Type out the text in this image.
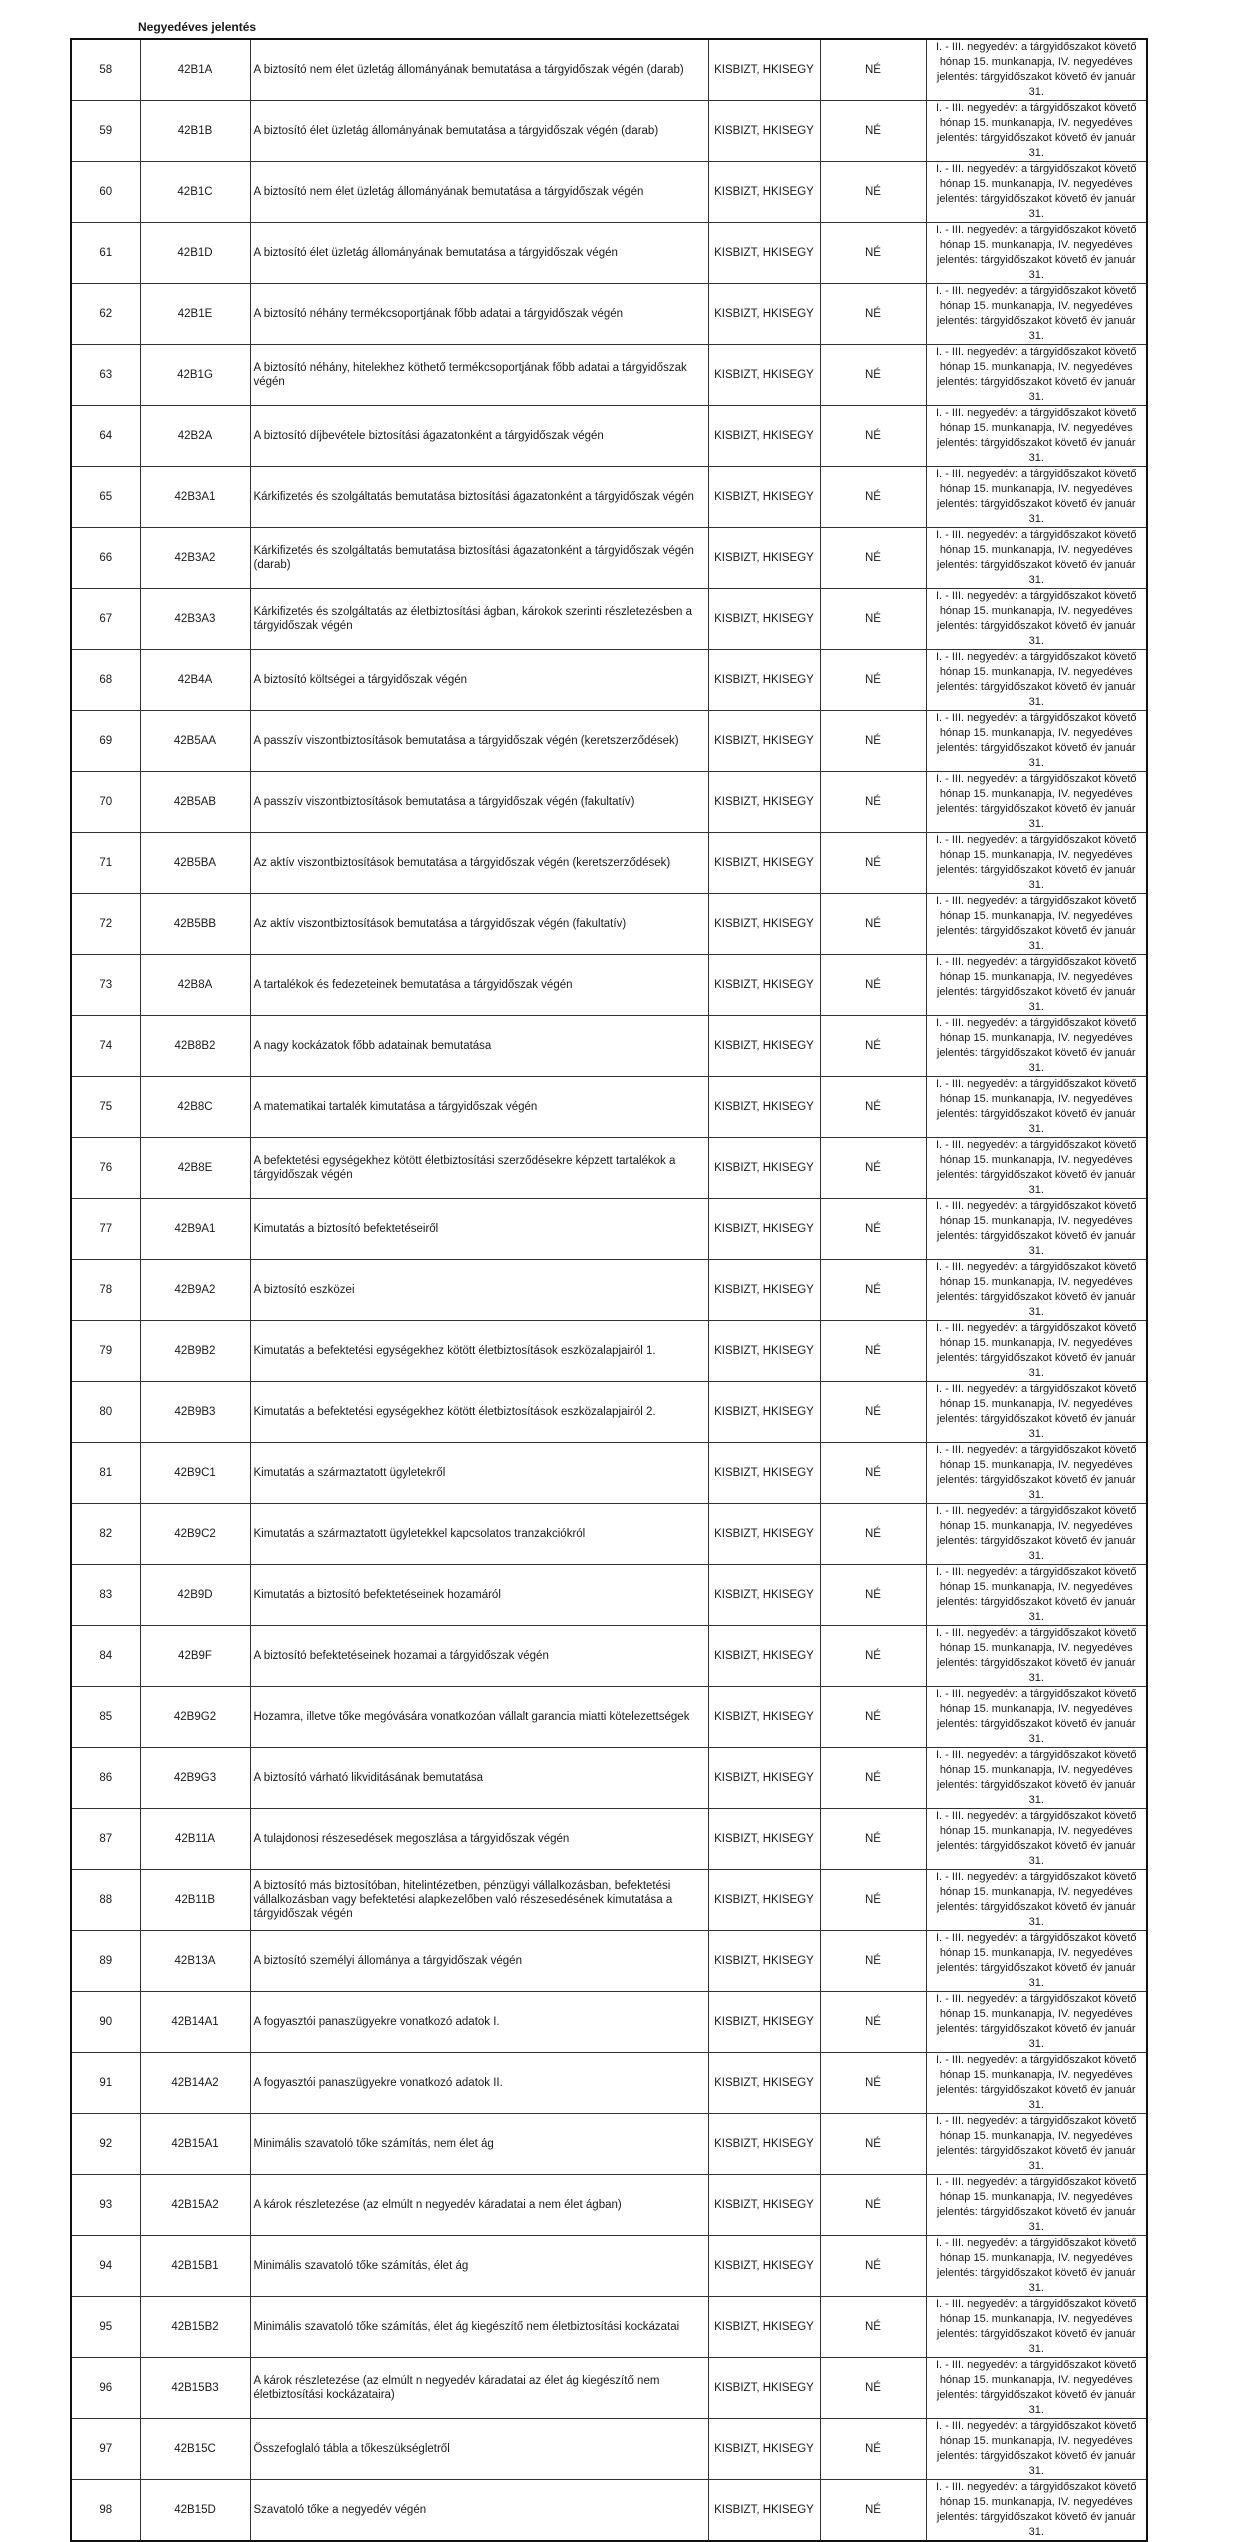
Negyedéves jelentés
58	42B1A	A biztosító nem élet üzletág állományának bemutatása a tárgyidőszak végén (darab)	KISBIZT, HKISEGY	NÉ	I. - III. negyedév: a tárgyidőszakot követő hónap 15. munkanapja, IV. negyedéves jelentés: tárgyidőszakot követő év január 31.
59	42B1B	A biztosító élet üzletág állományának bemutatása a tárgyidőszak végén (darab)	KISBIZT, HKISEGY	NÉ	I. - III. negyedév: a tárgyidőszakot követő hónap 15. munkanapja, IV. negyedéves jelentés: tárgyidőszakot követő év január 31.
60	42B1C	A biztosító nem élet üzletág állományának bemutatása a tárgyidőszak végén	KISBIZT, HKISEGY	NÉ	I. - III. negyedév: a tárgyidőszakot követő hónap 15. munkanapja, IV. negyedéves jelentés: tárgyidőszakot követő év január 31.
61	42B1D	A biztosító élet üzletág állományának bemutatása a tárgyidőszak végén	KISBIZT, HKISEGY	NÉ	I. - III. negyedév: a tárgyidőszakot követő hónap 15. munkanapja, IV. negyedéves jelentés: tárgyidőszakot követő év január 31.
62	42B1E	A biztosító néhány termékcsoportjának főbb adatai a tárgyidőszak végén	KISBIZT, HKISEGY	NÉ	I. - III. negyedév: a tárgyidőszakot követő hónap 15. munkanapja, IV. negyedéves jelentés: tárgyidőszakot követő év január 31.
63	42B1G	A biztosító néhány, hitelekhez köthető termékcsoportjának főbb adatai a tárgyidőszak végén	KISBIZT, HKISEGY	NÉ	I. - III. negyedév: a tárgyidőszakot követő hónap 15. munkanapja, IV. negyedéves jelentés: tárgyidőszakot követő év január 31.
64	42B2A	A biztosító díjbevétele biztosítási ágazatonként a tárgyidőszak végén	KISBIZT, HKISEGY	NÉ	I. - III. negyedév: a tárgyidőszakot követő hónap 15. munkanapja, IV. negyedéves jelentés: tárgyidőszakot követő év január 31.
65	42B3A1	Kárkifizetés és szolgáltatás bemutatása biztosítási ágazatonként a tárgyidőszak végén	KISBIZT, HKISEGY	NÉ	I. - III. negyedév: a tárgyidőszakot követő hónap 15. munkanapja, IV. negyedéves jelentés: tárgyidőszakot követő év január 31.
66	42B3A2	Kárkifizetés és szolgáltatás bemutatása biztosítási ágazatonként a tárgyidőszak végén (darab)	KISBIZT, HKISEGY	NÉ	I. - III. negyedév: a tárgyidőszakot követő hónap 15. munkanapja, IV. negyedéves jelentés: tárgyidőszakot követő év január 31.
67	42B3A3	Kárkifizetés és szolgáltatás az életbiztosítási ágban, károkok szerinti részletezésben a tárgyidőszak végén	KISBIZT, HKISEGY	NÉ	I. - III. negyedév: a tárgyidőszakot követő hónap 15. munkanapja, IV. negyedéves jelentés: tárgyidőszakot követő év január 31.
68	42B4A	A biztosító költségei a tárgyidőszak végén	KISBIZT, HKISEGY	NÉ	I. - III. negyedév: a tárgyidőszakot követő hónap 15. munkanapja, IV. negyedéves jelentés: tárgyidőszakot követő év január 31.
69	42B5AA	A passzív viszontbiztosítások bemutatása a tárgyidőszak végén (keretszerződések)	KISBIZT, HKISEGY	NÉ	I. - III. negyedév: a tárgyidőszakot követő hónap 15. munkanapja, IV. negyedéves jelentés: tárgyidőszakot követő év január 31.
70	42B5AB	A passzív viszontbiztosítások bemutatása a tárgyidőszak végén (fakultatív)	KISBIZT, HKISEGY	NÉ	I. - III. negyedév: a tárgyidőszakot követő hónap 15. munkanapja, IV. negyedéves jelentés: tárgyidőszakot követő év január 31.
71	42B5BA	Az aktív viszontbiztosítások bemutatása a tárgyidőszak végén (keretszerződések)	KISBIZT, HKISEGY	NÉ	I. - III. negyedév: a tárgyidőszakot követő hónap 15. munkanapja, IV. negyedéves jelentés: tárgyidőszakot követő év január 31.
72	42B5BB	Az aktív viszontbiztosítások bemutatása a tárgyidőszak végén (fakultatív)	KISBIZT, HKISEGY	NÉ	I. - III. negyedév: a tárgyidőszakot követő hónap 15. munkanapja, IV. negyedéves jelentés: tárgyidőszakot követő év január 31.
73	42B8A	A tartalékok és fedezeteinek bemutatása a tárgyidőszak végén	KISBIZT, HKISEGY	NÉ	I. - III. negyedév: a tárgyidőszakot követő hónap 15. munkanapja, IV. negyedéves jelentés: tárgyidőszakot követő év január 31.
74	42B8B2	A nagy kockázatok főbb adatainak bemutatása	KISBIZT, HKISEGY	NÉ	I. - III. negyedév: a tárgyidőszakot követő hónap 15. munkanapja, IV. negyedéves jelentés: tárgyidőszakot követő év január 31.
75	42B8C	A matematikai tartalék kimutatása a tárgyidőszak végén	KISBIZT, HKISEGY	NÉ	I. - III. negyedév: a tárgyidőszakot követő hónap 15. munkanapja, IV. negyedéves jelentés: tárgyidőszakot követő év január 31.
76	42B8E	A befektetési egységekhez kötött életbiztosítási szerződésekre képzett tartalékok a tárgyidőszak végén	KISBIZT, HKISEGY	NÉ	I. - III. negyedév: a tárgyidőszakot követő hónap 15. munkanapja, IV. negyedéves jelentés: tárgyidőszakot követő év január 31.
77	42B9A1	Kimutatás a biztosító befektetéseiről	KISBIZT, HKISEGY	NÉ	I. - III. negyedév: a tárgyidőszakot követő hónap 15. munkanapja, IV. negyedéves jelentés: tárgyidőszakot követő év január 31.
78	42B9A2	A biztosító eszközei	KISBIZT, HKISEGY	NÉ	I. - III. negyedév: a tárgyidőszakot követő hónap 15. munkanapja, IV. negyedéves jelentés: tárgyidőszakot követő év január 31.
79	42B9B2	Kimutatás a befektetési egységekhez kötött életbiztosítások eszközalapjairól 1.	KISBIZT, HKISEGY	NÉ	I. - III. negyedév: a tárgyidőszakot követő hónap 15. munkanapja, IV. negyedéves jelentés: tárgyidőszakot követő év január 31.
80	42B9B3	Kimutatás a befektetési egységekhez kötött életbiztosítások eszközalapjairól 2.	KISBIZT, HKISEGY	NÉ	I. - III. negyedév: a tárgyidőszakot követő hónap 15. munkanapja, IV. negyedéves jelentés: tárgyidőszakot követő év január 31.
81	42B9C1	Kimutatás a származtatott ügyletekről	KISBIZT, HKISEGY	NÉ	I. - III. negyedév: a tárgyidőszakot követő hónap 15. munkanapja, IV. negyedéves jelentés: tárgyidőszakot követő év január 31.
82	42B9C2	Kimutatás a származtatott ügyletekkel kapcsolatos tranzakciókról	KISBIZT, HKISEGY	NÉ	I. - III. negyedév: a tárgyidőszakot követő hónap 15. munkanapja, IV. negyedéves jelentés: tárgyidőszakot követő év január 31.
83	42B9D	Kimutatás a biztosító befektetéseinek hozamáról	KISBIZT, HKISEGY	NÉ	I. - III. negyedév: a tárgyidőszakot követő hónap 15. munkanapja, IV. negyedéves jelentés: tárgyidőszakot követő év január 31.
84	42B9F	A biztosító befektetéseinek hozamai a tárgyidőszak végén	KISBIZT, HKISEGY	NÉ	I. - III. negyedév: a tárgyidőszakot követő hónap 15. munkanapja, IV. negyedéves jelentés: tárgyidőszakot követő év január 31.
85	42B9G2	Hozamra, illetve tőke megóvására vonatkozóan vállalt garancia miatti kötelezettségek	KISBIZT, HKISEGY	NÉ	I. - III. negyedév: a tárgyidőszakot követő hónap 15. munkanapja, IV. negyedéves jelentés: tárgyidőszakot követő év január 31.
86	42B9G3	A biztosító várható likviditásának bemutatása	KISBIZT, HKISEGY	NÉ	I. - III. negyedév: a tárgyidőszakot követő hónap 15. munkanapja, IV. negyedéves jelentés: tárgyidőszakot követő év január 31.
87	42B11A	A tulajdonosi részesedések megoszlása a tárgyidőszak végén	KISBIZT, HKISEGY	NÉ	I. - III. negyedév: a tárgyidőszakot követő hónap 15. munkanapja, IV. negyedéves jelentés: tárgyidőszakot követő év január 31.
88	42B11B	A biztosító más biztosítóban, hitelintézetben, pénzügyi vállalkozásban, befektetési vállalkozásban vagy befektetési alapkezelőben való részesedésének kimutatása a tárgyidőszak végén	KISBIZT, HKISEGY	NÉ	I. - III. negyedév: a tárgyidőszakot követő hónap 15. munkanapja, IV. negyedéves jelentés: tárgyidőszakot követő év január 31.
89	42B13A	A biztosító személyi állománya a tárgyidőszak végén	KISBIZT, HKISEGY	NÉ	I. - III. negyedév: a tárgyidőszakot követő hónap 15. munkanapja, IV. negyedéves jelentés: tárgyidőszakot követő év január 31.
90	42B14A1	A fogyasztói panaszügyekre vonatkozó adatok I.	KISBIZT, HKISEGY	NÉ	I. - III. negyedév: a tárgyidőszakot követő hónap 15. munkanapja, IV. negyedéves jelentés: tárgyidőszakot követő év január 31.
91	42B14A2	A fogyasztói panaszügyekre vonatkozó adatok II.	KISBIZT, HKISEGY	NÉ	I. - III. negyedév: a tárgyidőszakot követő hónap 15. munkanapja, IV. negyedéves jelentés: tárgyidőszakot követő év január 31.
92	42B15A1	Minimális szavatoló tőke számítás, nem élet ág	KISBIZT, HKISEGY	NÉ	I. - III. negyedév: a tárgyidőszakot követő hónap 15. munkanapja, IV. negyedéves jelentés: tárgyidőszakot követő év január 31.
93	42B15A2	A károk részletezése (az elmúlt n negyedév káradatai a nem élet ágban)	KISBIZT, HKISEGY	NÉ	I. - III. negyedév: a tárgyidőszakot követő hónap 15. munkanapja, IV. negyedéves jelentés: tárgyidőszakot követő év január 31.
94	42B15B1	Minimális szavatoló tőke számítás, élet ág	KISBIZT, HKISEGY	NÉ	I. - III. negyedév: a tárgyidőszakot követő hónap 15. munkanapja, IV. negyedéves jelentés: tárgyidőszakot követő év január 31.
95	42B15B2	Minimális szavatoló tőke számítás, élet ág kiegészítő nem életbiztosítási kockázatai	KISBIZT, HKISEGY	NÉ	I. - III. negyedév: a tárgyidőszakot követő hónap 15. munkanapja, IV. negyedéves jelentés: tárgyidőszakot követő év január 31.
96	42B15B3	A károk részletezése (az elmúlt n negyedév káradatai az élet ág kiegészítő nem életbiztosítási kockázataira)	KISBIZT, HKISEGY	NÉ	I. - III. negyedév: a tárgyidőszakot követő hónap 15. munkanapja, IV. negyedéves jelentés: tárgyidőszakot követő év január 31.
97	42B15C	Összefoglaló tábla a tőkeszükségletről	KISBIZT, HKISEGY	NÉ	I. - III. negyedév: a tárgyidőszakot követő hónap 15. munkanapja, IV. negyedéves jelentés: tárgyidőszakot követő év január 31.
98	42B15D	Szavatoló tőke a negyedév végén	KISBIZT, HKISEGY	NÉ	I. - III. negyedév: a tárgyidőszakot követő hónap 15. munkanapja, IV. negyedéves jelentés: tárgyidőszakot követő év január 31.
